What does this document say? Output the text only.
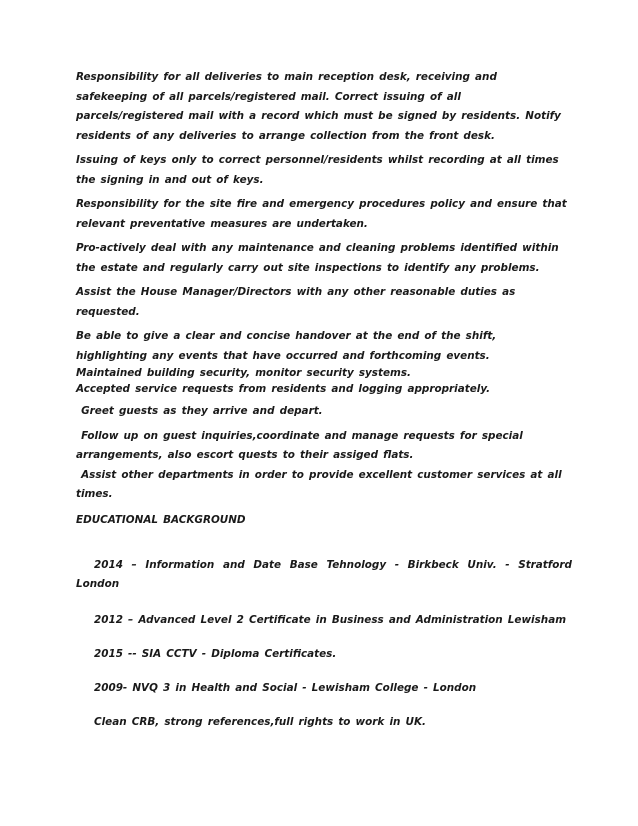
Responsibility for all deliveries to main reception desk, receiving and safekeeping of all parcels/registered mail. Correct issuing of all parcels/registered mail with a record which must be signed by residents. Notify residents of any deliveries to arrange collection from the front desk.

Issuing of keys only to correct personnel/residents whilst recording at all times the signing in and out of keys.

Responsibility for the site fire and emergency procedures policy and ensure that relevant preventative measures are undertaken.

Pro-actively deal with any maintenance and cleaning problems identified within the estate and regularly carry out site inspections to identify any problems.

Assist the House Manager/Directors with any other reasonable duties as requested.

Be able to give a clear and concise handover at the end of the shift, highlighting any events that have occurred and forthcoming events.

Maintained building security, monitor security systems.

Accepted service requests from residents and logging appropriately.

Greet guests as they arrive and depart.

Follow up on guest inquiries,coordinate and manage requests for special arrangements, also escort quests to their assiged flats.

Assist other departments in order to provide excellent customer services at all times.

EDUCATIONAL BACKGROUND

2014 – Information and Date Base Tehnology - Birkbeck Univ. - Stratford
London

2012 – Advanced Level 2 Certificate in Business and Administration Lewisham

2015 -- SIA CCTV - Diploma Certificates.

2009- NVQ 3 in Health and Social - Lewisham College - London

Clean CRB, strong references,full rights to work in UK.
